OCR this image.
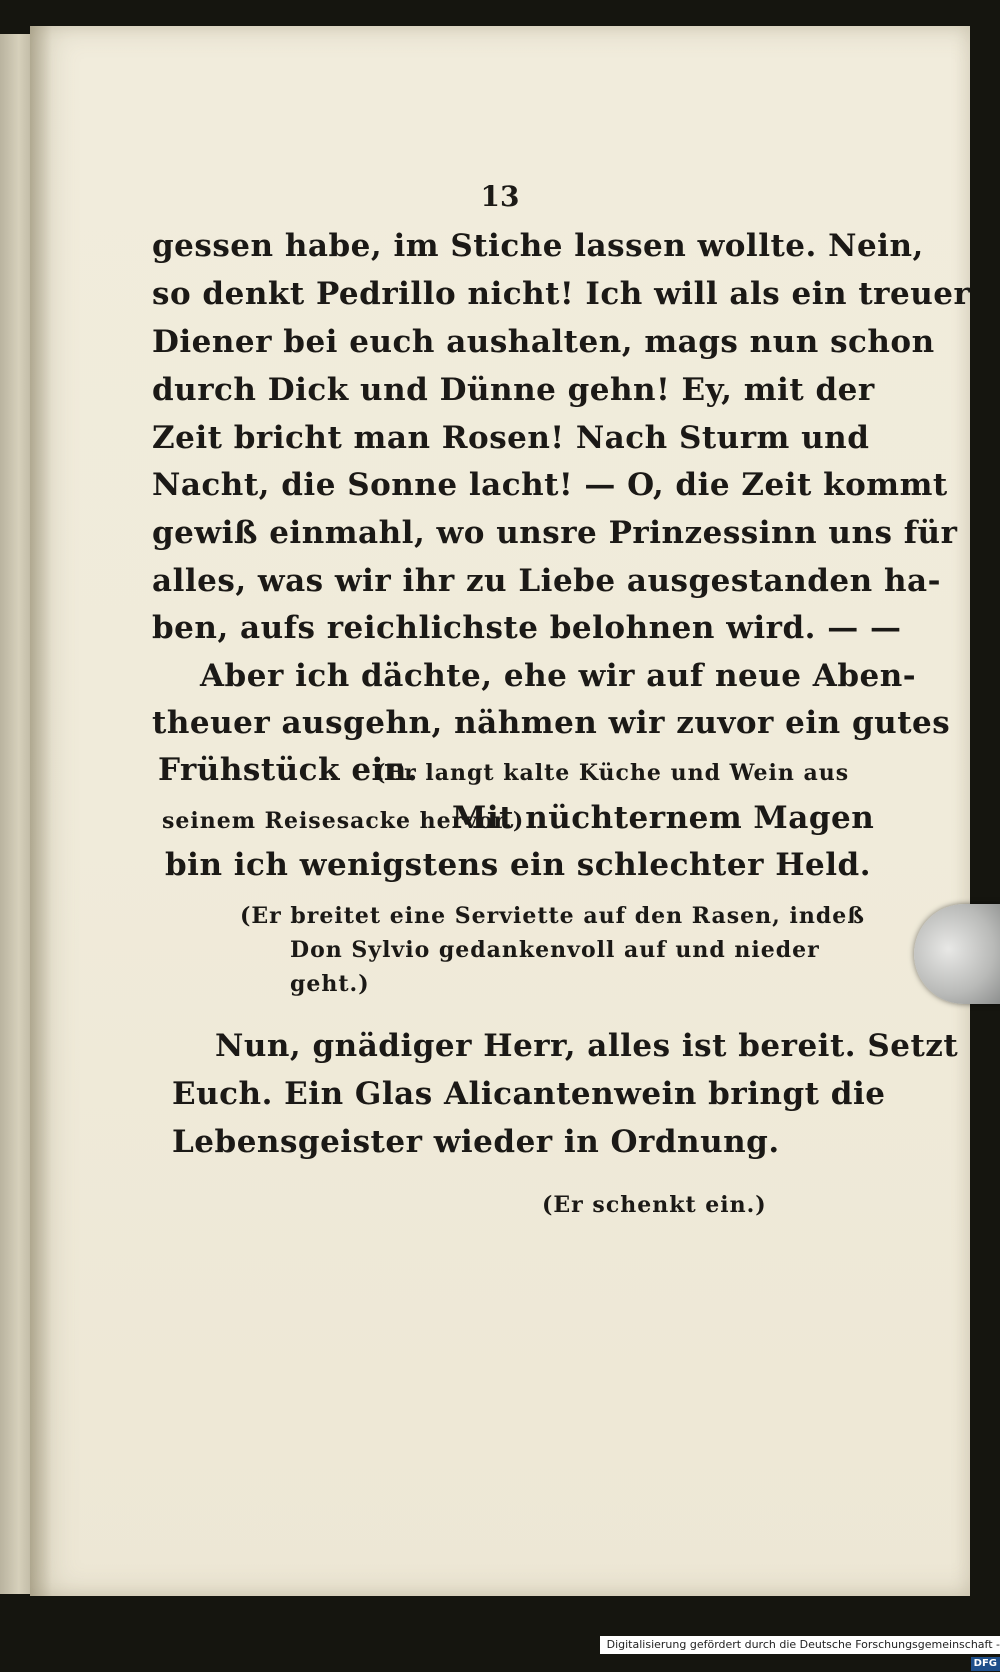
13
gessen habe, im Stiche lassen wollte. Nein,
so denkt Pedrillo nicht! Ich will als ein treuer
Diener bei euch aushalten, mags nun schon
durch Dick und Dünne gehn! Ey, mit der
Zeit bricht man Rosen! Nach Sturm und
Nacht, die Sonne lacht! — O, die Zeit kommt
gewiß einmahl, wo unsre Prinzessinn uns für
alles, was wir ihr zu Liebe ausgestanden ha-
ben, aufs reichlichste belohnen wird. — —
Aber ich dächte, ehe wir auf neue Aben-
theuer ausgehn, nähmen wir zuvor ein gutes
Frühstück ein.
(Er langt kalte Küche und Wein aus
seinem Reisesacke hervor.)
Mit nüchternem Magen
bin ich wenigstens ein schlechter Held.
(Er breitet eine Serviette auf den Rasen, indeß
Don Sylvio gedankenvoll auf und nieder
geht.)
Nun, gnädiger Herr, alles ist bereit. Setzt
Euch. Ein Glas Alicantenwein bringt die
Lebensgeister wieder in Ordnung.
(Er schenkt ein.)
Digitalisierung gefördert durch die Deutsche Forschungsgemeinschaft -DFG
